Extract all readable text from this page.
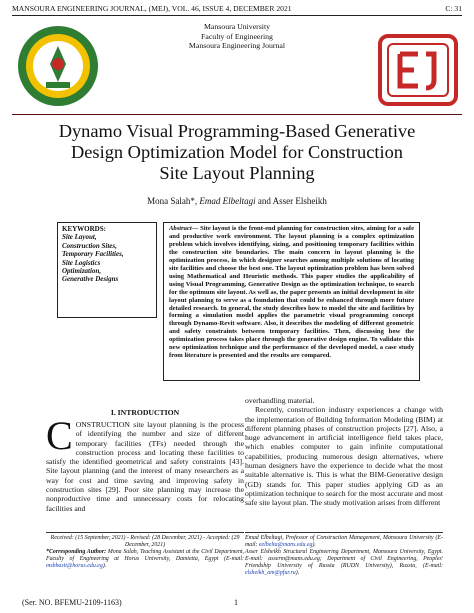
MANSOURA ENGINEERING JOURNAL, (MEJ), VOL. 46, ISSUE 4, DECEMBER 2021	C: 31
Mansoura University
Faculty of Engineering
Mansoura Engineering Journal
Dynamo Visual Programming-Based Generative
Design Optimization Model for Construction
Site Layout Planning
Mona Salah*, Emad Elbeltagi and Asser Elsheikh
KEYWORDS:
Site Layout,
Construction Sites,
Temporary Facilities,
Site Logistics
Optimization,
Generative Designs
Abstract— Site layout is the front-end planning for construction sites, aiming for a safe and productive work environment. The layout planning is a complex optimization problem which involves identifying, sizing, and positioning temporary facilities within the construction site boundaries. The main concern in layout planning is the optimization process, in which designer searches among multiple solutions of locating site facilities and choose the best one. The layout optimization problem has been solved using Mathematical and Heuristic methods. This paper studies the applicability of using Visual Programming, Generative Design as the optimization technique, to search for the optimum site layout. As well as, the paper presents an initial development in site layout planning to serve as a foundation that could be enhanced through more future detailed research. In general, the study describes how to model the site and facilities by forming a simulation model applies the parametric visual programming concept through Dynamo-Revit software. Also, it describes the modeling of different geometric and safety constraints between temporary facilities. Then, discussing how the optimization process takes place through the generative design engine. To validate this new optimization technique and the performance of the developed model, a case study from literature is presented and the results are compared.
I. INTRODUCTION
CONSTRUCTION site layout planning is the process of identifying the number and size of different temporary facilities (TFs) needed through the construction process and locating these facilities to satisfy the identified geometrical and safety constraints [43]. Site layout planning (and the interest of many researchers as a way for cost and time saving and improving safety in construction sites [29]. Poor site planning may increase the nonproductive time and unnecessary costs for relocating facilities and

overhandling material.

Recently, construction industry experiences a change with the implementation of Building Information Modeling (BIM) at different planning phases of construction projects [27]. Also, a huge advancement in artificial intelligence field takes place, which enables computer to gain infinite computational capabilities, producing numerous design alternatives, where human designers have the experience to decide what the most suitable alternative is. This is what the BIM-Generative design (GD) stands for. This paper studies applying GD as an optimization technique to search for the most accurate and most safe site layout plan. The study motivation arises from different

Received: (15 September, 2021) - Revised: (28 December, 2021) - Accepted: (29 December, 2021)
*Corresponding Author: Mona Salah, Teaching Assistant at the Civil Department, Faculty of Engineering at Horus University, Damietta, Egypt (E-mail: msbbasit@horus.edu.eg).
Emad Elbeltagi, Professor of Construction Management, Mansoura University (E-mail: eelbelta@mans.edu.eg).
Asser Elsheikh Structural Engineering Department, Mansoura University, Egypt. E-mail: asserm@mans.edu.eg; Department of Civil Engineering, Peoples' Friendship University of Russia (RUDN University), Russia, (E-mail: elsheikh_am@pfur.ru).
(Ser. NO. BFEMU-2109-1163)	1
